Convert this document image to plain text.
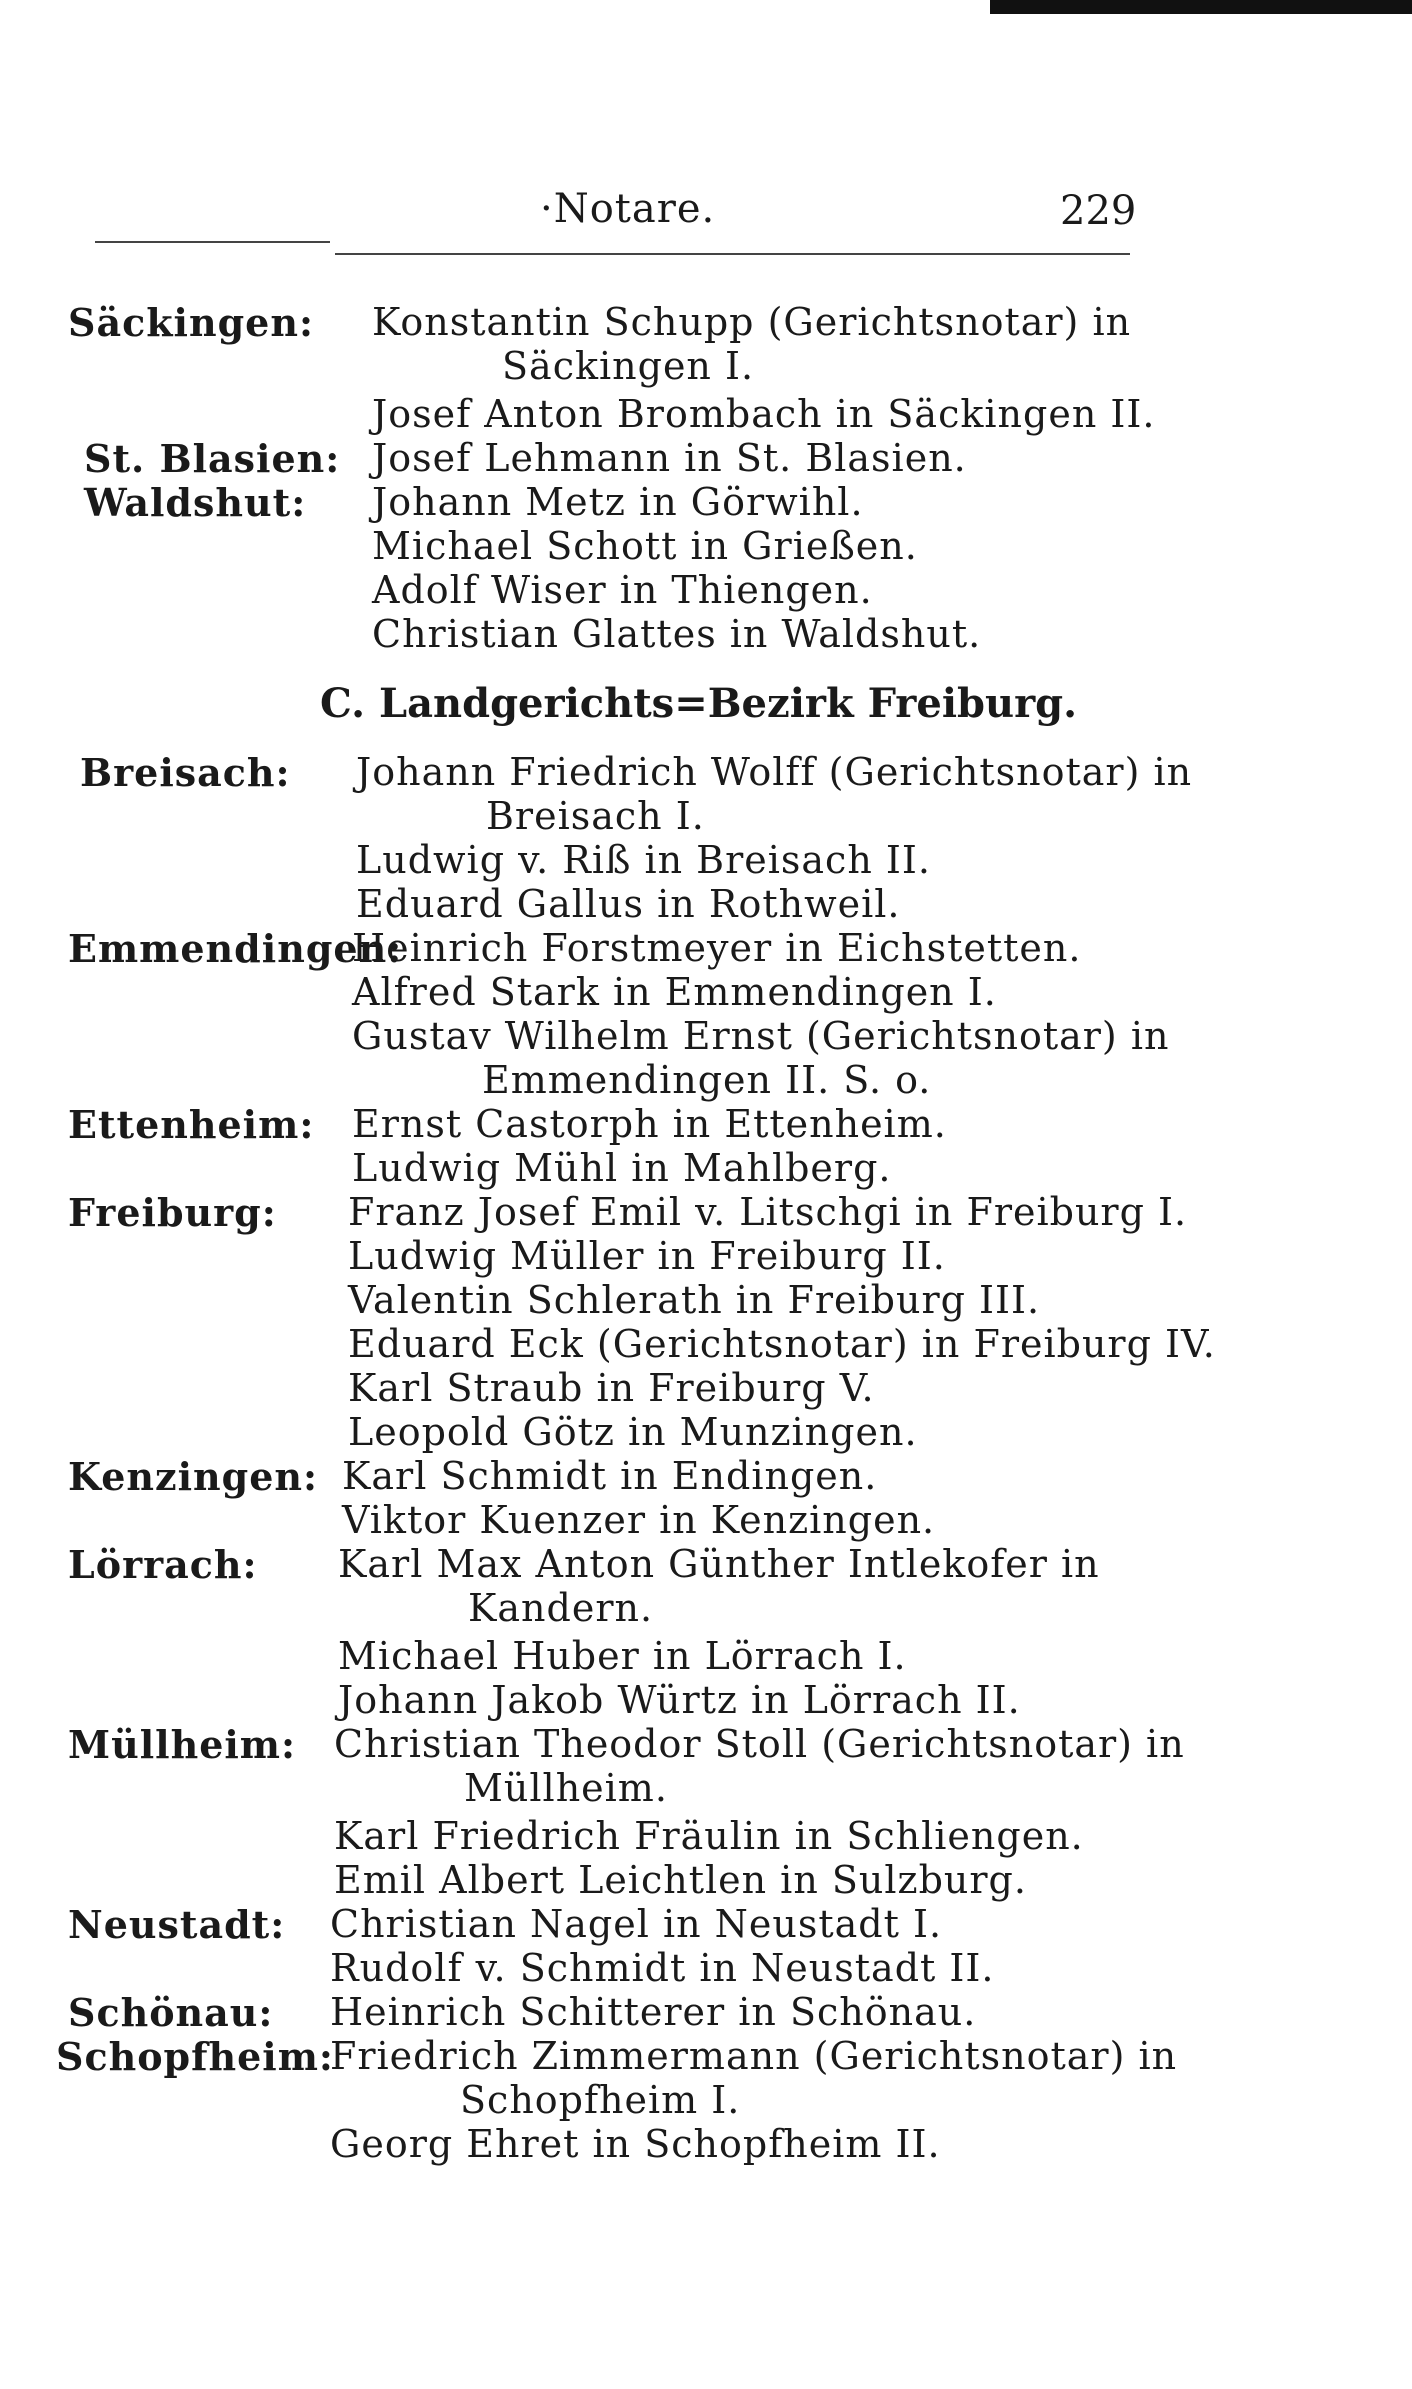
·Notare.	229
Säckingen: Konstantin Schupp (Gerichtsnotar) in
Säckingen I.
Josef Anton Brombach in Säckingen II.
St. Blasien: Josef Lehmann in St. Blasien.
Waldshut: Johann Metz in Görwihl.
Michael Schott in Grießen.
Adolf Wiser in Thiengen.
Christian Glattes in Waldshut.
C. Landgerichts=Bezirk Freiburg.
Breisach: Johann Friedrich Wolff (Gerichtsnotar) in
Breisach I.
Ludwig v. Riß in Breisach II.
Eduard Gallus in Rothweil.
Emmendingen:
Heinrich Forstmeyer in Eichstetten.
Alfred Stark in Emmendingen I.
Gustav Wilhelm Ernst (Gerichtsnotar) in
Emmendingen II. S. o.
Ettenheim: Ernst Castorph in Ettenheim.
Ludwig Mühl in Mahlberg.
Freiburg: Franz Josef Emil v. Litschgi in Freiburg I.
Ludwig Müller in Freiburg II.
Valentin Schlerath in Freiburg III.
Eduard Eck (Gerichtsnotar) in Freiburg IV.
Karl Straub in Freiburg V.
Leopold Götz in Munzingen.
Kenzingen: Karl Schmidt in Endingen.
Viktor Kuenzer in Kenzingen.
Lörrach: Karl Max Anton Günther Intlekofer in
Kandern.
Michael Huber in Lörrach I.
Johann Jakob Würtz in Lörrach II.
Müllheim: Christian Theodor Stoll (Gerichtsnotar) in
Müllheim.
Karl Friedrich Fräulin in Schliengen.
Emil Albert Leichtlen in Sulzburg.
Neustadt: Christian Nagel in Neustadt I.
Rudolf v. Schmidt in Neustadt II.
Schönau: Heinrich Schitterer in Schönau.
Schopfheim:
Friedrich Zimmermann (Gerichtsnotar) in
Schopfheim I.
Georg Ehret in Schopfheim II.
